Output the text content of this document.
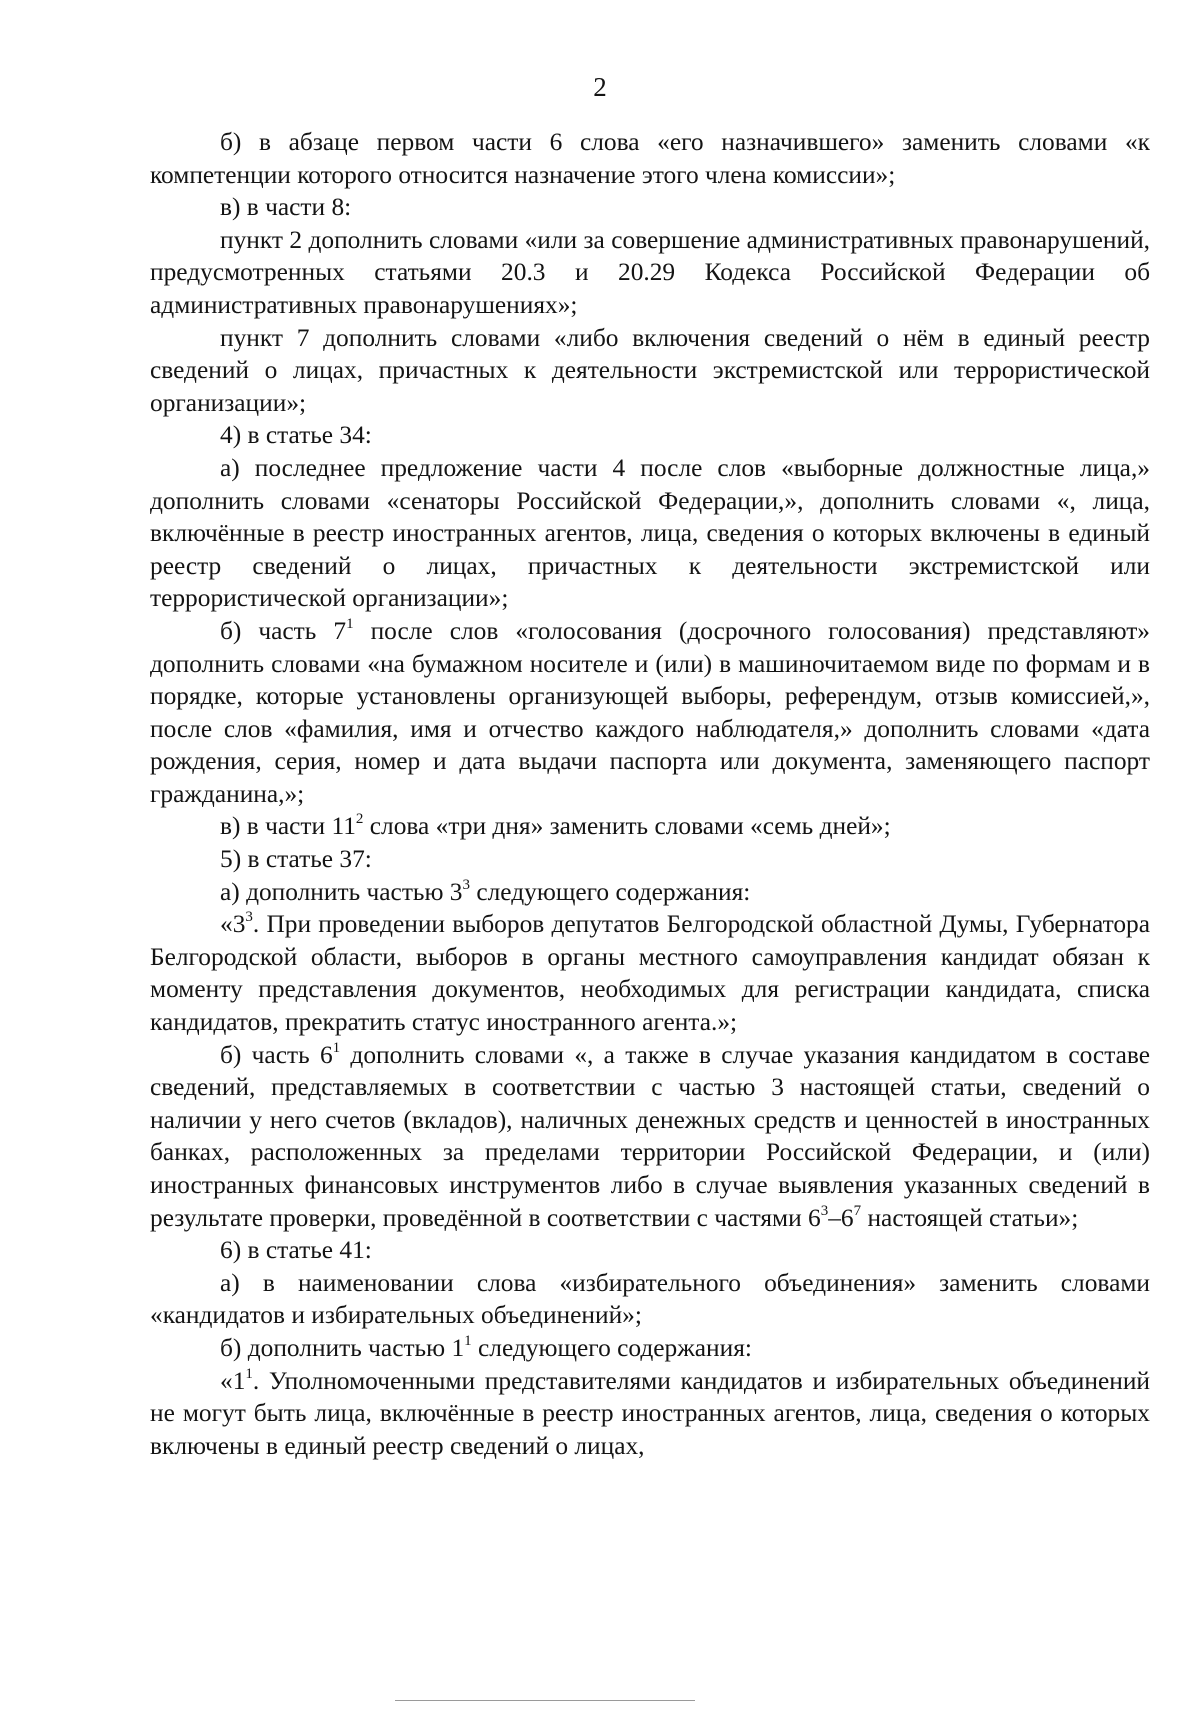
2

б) в абзаце первом части 6 слова «его назначившего» заменить словами «к компетенции которого относится назначение этого члена комиссии»;

в) в части 8:

пункт 2 дополнить словами «или за совершение административных правонарушений, предусмотренных статьями 20.3 и 20.29 Кодекса Российской Федерации об административных правонарушениях»;

пункт 7 дополнить словами «либо включения сведений о нём в единый реестр сведений о лицах, причастных к деятельности экстремистской или террористической организации»;

4) в статье 34:

а) последнее предложение части 4 после слов «выборные должностные лица,» дополнить словами «сенаторы Российской Федерации,», дополнить словами «, лица, включённые в реестр иностранных агентов, лица, сведения о которых включены в единый реестр сведений о лицах, причастных к деятельности экстремистской или террористической организации»;

б) часть $7^1$ после слов «голосования (досрочного голосования) представляют» дополнить словами «на бумажном носителе и (или) в машиночитаемом виде по формам и в порядке, которые установлены организующей выборы, референдум, отзыв комиссией,», после слов «фамилия, имя и отчество каждого наблюдателя,» дополнить словами «дата рождения, серия, номер и дата выдачи паспорта или документа, заменяющего паспорт гражданина,»;

в) в части $11^2$ слова «три дня» заменить словами «семь дней»;

5) в статье 37:

а) дополнить частью $3^3$ следующего содержания:

«$3^3$. При проведении выборов депутатов Белгородской областной Думы, Губернатора Белгородской области, выборов в органы местного самоуправления кандидат обязан к моменту представления документов, необходимых для регистрации кандидата, списка кандидатов, прекратить статус иностранного агента.»;

б) часть $6^1$ дополнить словами «, а также в случае указания кандидатом в составе сведений, представляемых в соответствии с частью 3 настоящей статьи, сведений о наличии у него счетов (вкладов), наличных денежных средств и ценностей в иностранных банках, расположенных за пределами территории Российской Федерации, и (или) иностранных финансовых инструментов либо в случае выявления указанных сведений в результате проверки, проведённой в соответствии с частями $6^3-6^7$ настоящей статьи»;

6) в статье 41:

а) в наименовании слова «избирательного объединения» заменить словами «кандидатов и избирательных объединений»;

б) дополнить частью $1^1$ следующего содержания:

«$1^1$. Уполномоченными представителями кандидатов и избирательных объединений не могут быть лица, включённые в реестр иностранных агентов, лица, сведения о которых включены в единый реестр сведений о лицах,
